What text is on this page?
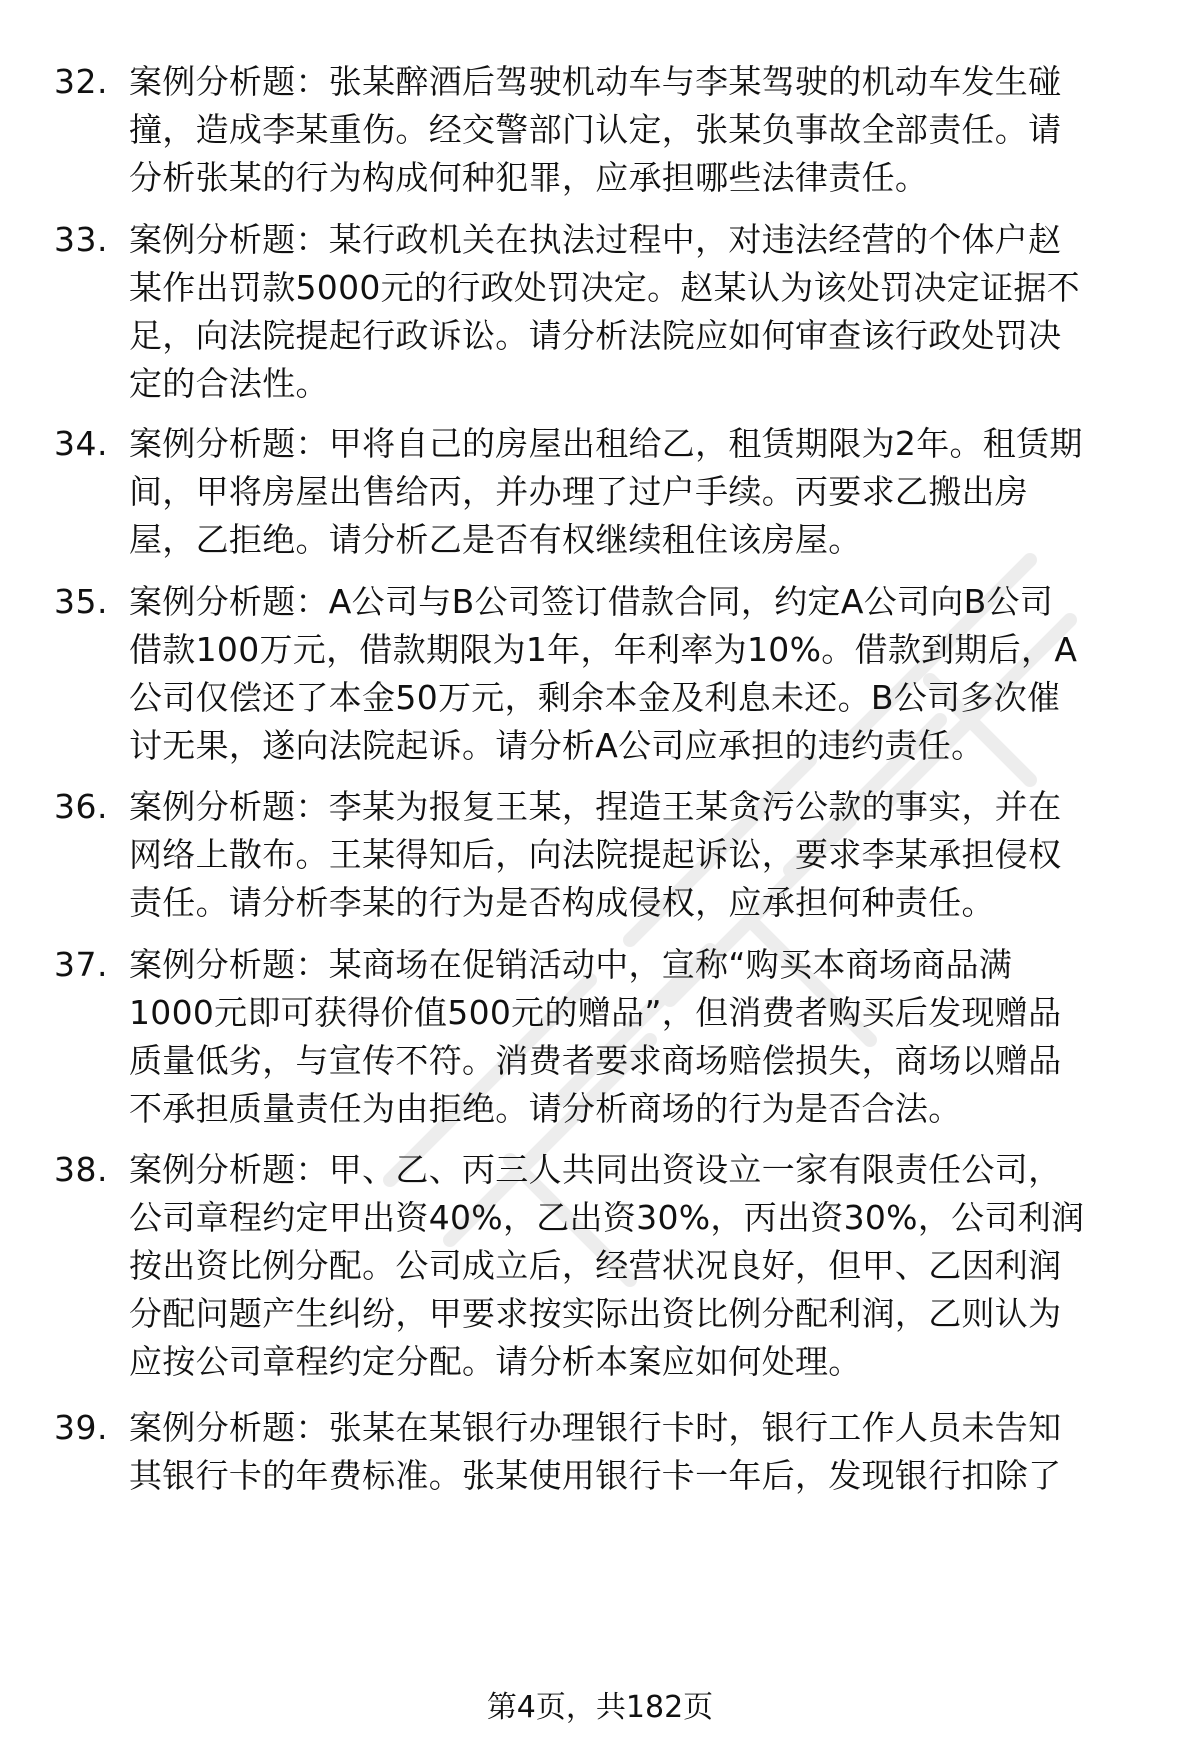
32. 案例分析题：张某醉酒后驾驶机动车与李某驾驶的机动车发生碰
撞，造成李某重伤。经交警部门认定，张某负事故全部责任。请
分析张某的行为构成何种犯罪，应承担哪些法律责任。
33. 案例分析题：某行政机关在执法过程中，对违法经营的个体户赵
某作出罚款5000元的行政处罚决定。赵某认为该处罚决定证据不
足，向法院提起行政诉讼。请分析法院应如何审查该行政处罚决
定的合法性。
34. 案例分析题：甲将自己的房屋出租给乙，租赁期限为2年。租赁期
间，甲将房屋出售给丙，并办理了过户手续。丙要求乙搬出房
屋，乙拒绝。请分析乙是否有权继续租住该房屋。
35. 案例分析题：A公司与B公司签订借款合同，约定A公司向B公司
借款100万元，借款期限为1年，年利率为10%。借款到期后，A
公司仅偿还了本金50万元，剩余本金及利息未还。B公司多次催
讨无果，遂向法院起诉。请分析A公司应承担的违约责任。
36. 案例分析题：李某为报复王某，捏造王某贪污公款的事实，并在
网络上散布。王某得知后，向法院提起诉讼，要求李某承担侵权
责任。请分析李某的行为是否构成侵权，应承担何种责任。
37. 案例分析题：某商场在促销活动中，宣称“购买本商场商品满
1000元即可获得价值500元的赠品”，但消费者购买后发现赠品
质量低劣，与宣传不符。消费者要求商场赔偿损失，商场以赠品
不承担质量责任为由拒绝。请分析商场的行为是否合法。
38. 案例分析题：甲、乙、丙三人共同出资设立一家有限责任公司，
公司章程约定甲出资40%，乙出资30%，丙出资30%，公司利润
按出资比例分配。公司成立后，经营状况良好，但甲、乙因利润
分配问题产生纠纷，甲要求按实际出资比例分配利润，乙则认为
应按公司章程约定分配。请分析本案应如何处理。
39. 案例分析题：张某在某银行办理银行卡时，银行工作人员未告知
其银行卡的年费标准。张某使用银行卡一年后，发现银行扣除了
第4页，共182页
